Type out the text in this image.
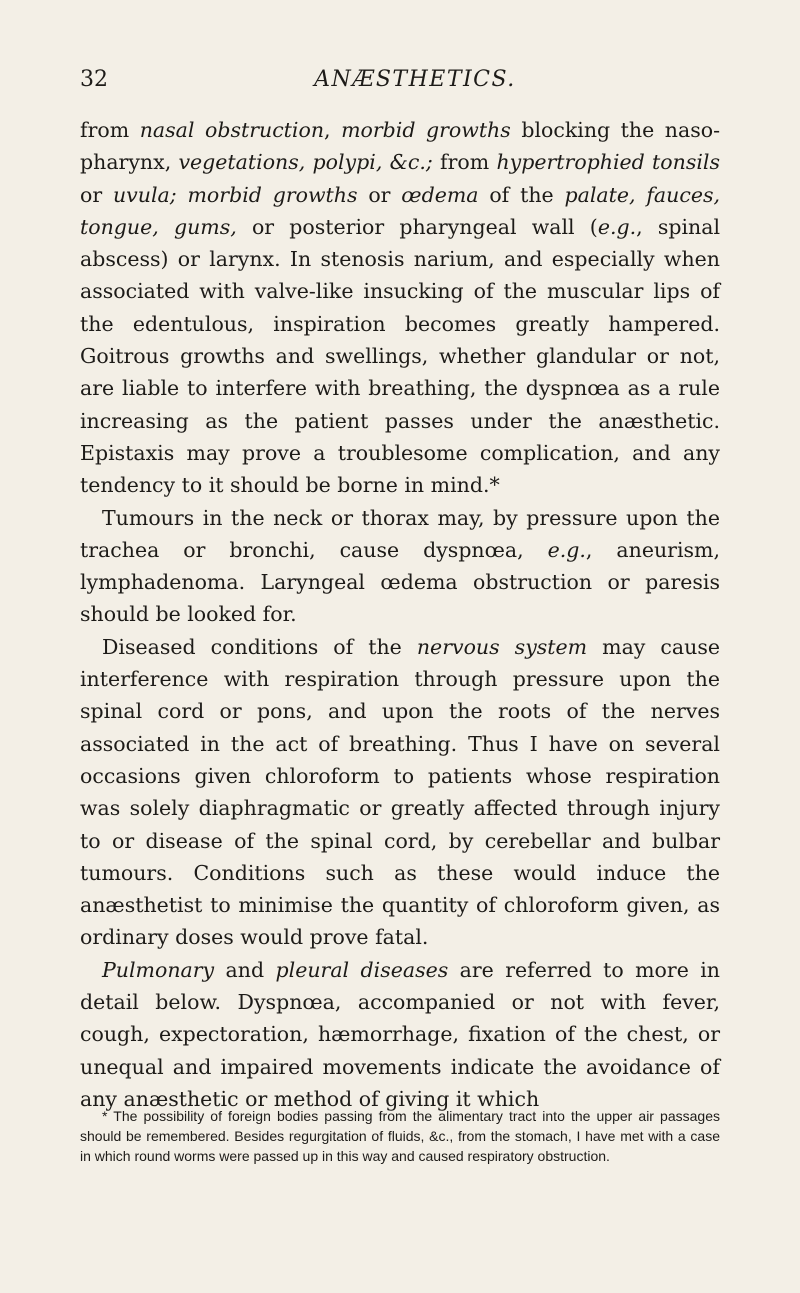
32	ANÆSTHETICS.

from nasal obstruction, morbid growths blocking the naso-pharynx, vegetations, polypi, &c.; from hypertrophied tonsils or uvula; morbid growths or œdema of the palate, fauces, tongue, gums, or posterior pharyngeal wall (e.g., spinal abscess) or larynx. In stenosis narium, and especially when associated with valve-like insucking of the muscular lips of the edentulous, inspiration becomes greatly hampered. Goitrous growths and swellings, whether glandular or not, are liable to interfere with breathing, the dyspnœa as a rule increasing as the patient passes under the anæsthetic. Epistaxis may prove a troublesome complication, and any tendency to it should be borne in mind.*

Tumours in the neck or thorax may, by pressure upon the trachea or bronchi, cause dyspnœa, e.g., aneurism, lymphadenoma. Laryngeal œdema obstruction or paresis should be looked for.

Diseased conditions of the nervous system may cause interference with respiration through pressure upon the spinal cord or pons, and upon the roots of the nerves associated in the act of breathing. Thus I have on several occasions given chloroform to patients whose respiration was solely diaphragmatic or greatly affected through injury to or disease of the spinal cord, by cerebellar and bulbar tumours. Conditions such as these would induce the anæsthetist to minimise the quantity of chloroform given, as ordinary doses would prove fatal.

Pulmonary and pleural diseases are referred to more in detail below. Dyspnœa, accompanied or not with fever, cough, expectoration, hæmorrhage, fixation of the chest, or unequal and impaired movements indicate the avoidance of any anæsthetic or method of giving it which

* The possibility of foreign bodies passing from the alimentary tract into the upper air passages should be remembered. Besides regurgitation of fluids, &c., from the stomach, I have met with a case in which round worms were passed up in this way and caused respiratory obstruction.
